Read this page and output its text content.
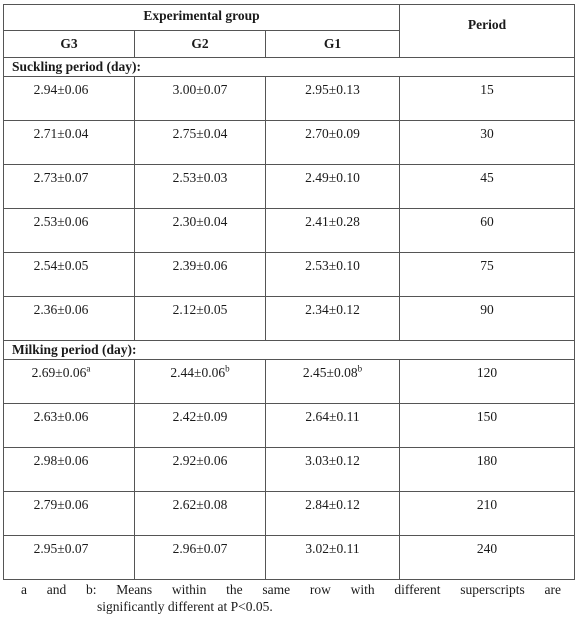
Experimental group			Period
G3	G2	G1	
Suckling period (day):			
2.94±0.06	3.00±0.07	2.95±0.13	15
2.71±0.04	2.75±0.04	2.70±0.09	30
2.73±0.07	2.53±0.03	2.49±0.10	45
2.53±0.06	2.30±0.04	2.41±0.28	60
2.54±0.05	2.39±0.06	2.53±0.10	75
2.36±0.06	2.12±0.05	2.34±0.12	90
Milking period (day):			
2.69±0.06$^a$	2.44±0.06$^b$	2.45±0.08$^b$	120
2.63±0.06	2.42±0.09	2.64±0.11	150
2.98±0.06	2.92±0.06	3.03±0.12	180
2.79±0.06	2.62±0.08	2.84±0.12	210
2.95±0.07	2.96±0.07	3.02±0.11	240
a and b: Means within the same row with different superscripts are
significantly different at P<0.05.
